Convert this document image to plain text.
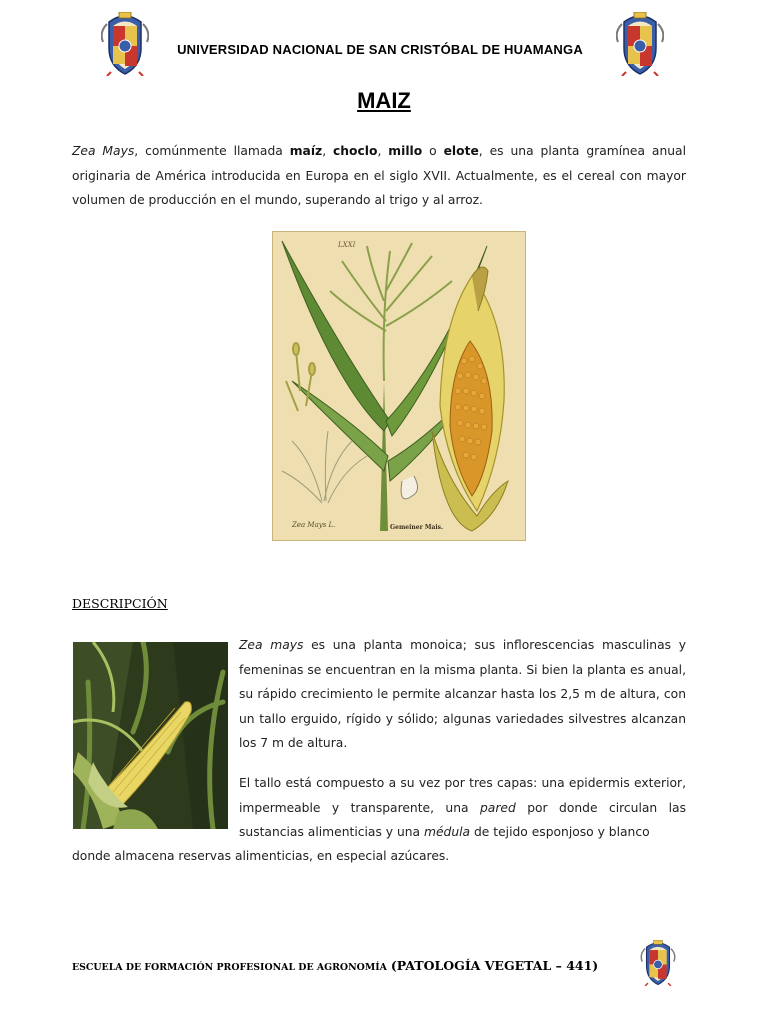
UNIVERSIDAD NACIONAL DE SAN CRISTÓBAL DE HUAMANGA
MAIZ
Zea Mays, comúnmente llamada maíz, choclo, millo o elote, es una planta gramínea anual originaria de América introducida en Europa en el siglo XVII. Actualmente, es el cereal con mayor volumen de producción en el mundo, superando al trigo y al arroz.
LXXI
Zea Mays L.	Gemeiner Mais.
DESCRIPCIÓN
Zea mays es una planta monoica; sus inflorescencias masculinas y femeninas se encuentran en la misma planta. Si bien la planta es anual, su rápido crecimiento le permite alcanzar hasta los 2,5 m de altura, con un tallo erguido, rígido y sólido; algunas variedades silvestres alcanzan los 7 m de altura.
El tallo está compuesto a su vez por tres capas: una epidermis exterior, impermeable y transparente, una pared por donde circulan las sustancias alimenticias y una médula de tejido esponjoso y blanco
donde almacena reservas alimenticias, en especial azúcares.
ESCUELA DE FORMACIÓN PROFESIONAL DE AGRONOMÍA (PATOLOGÍA VEGETAL – 441)
